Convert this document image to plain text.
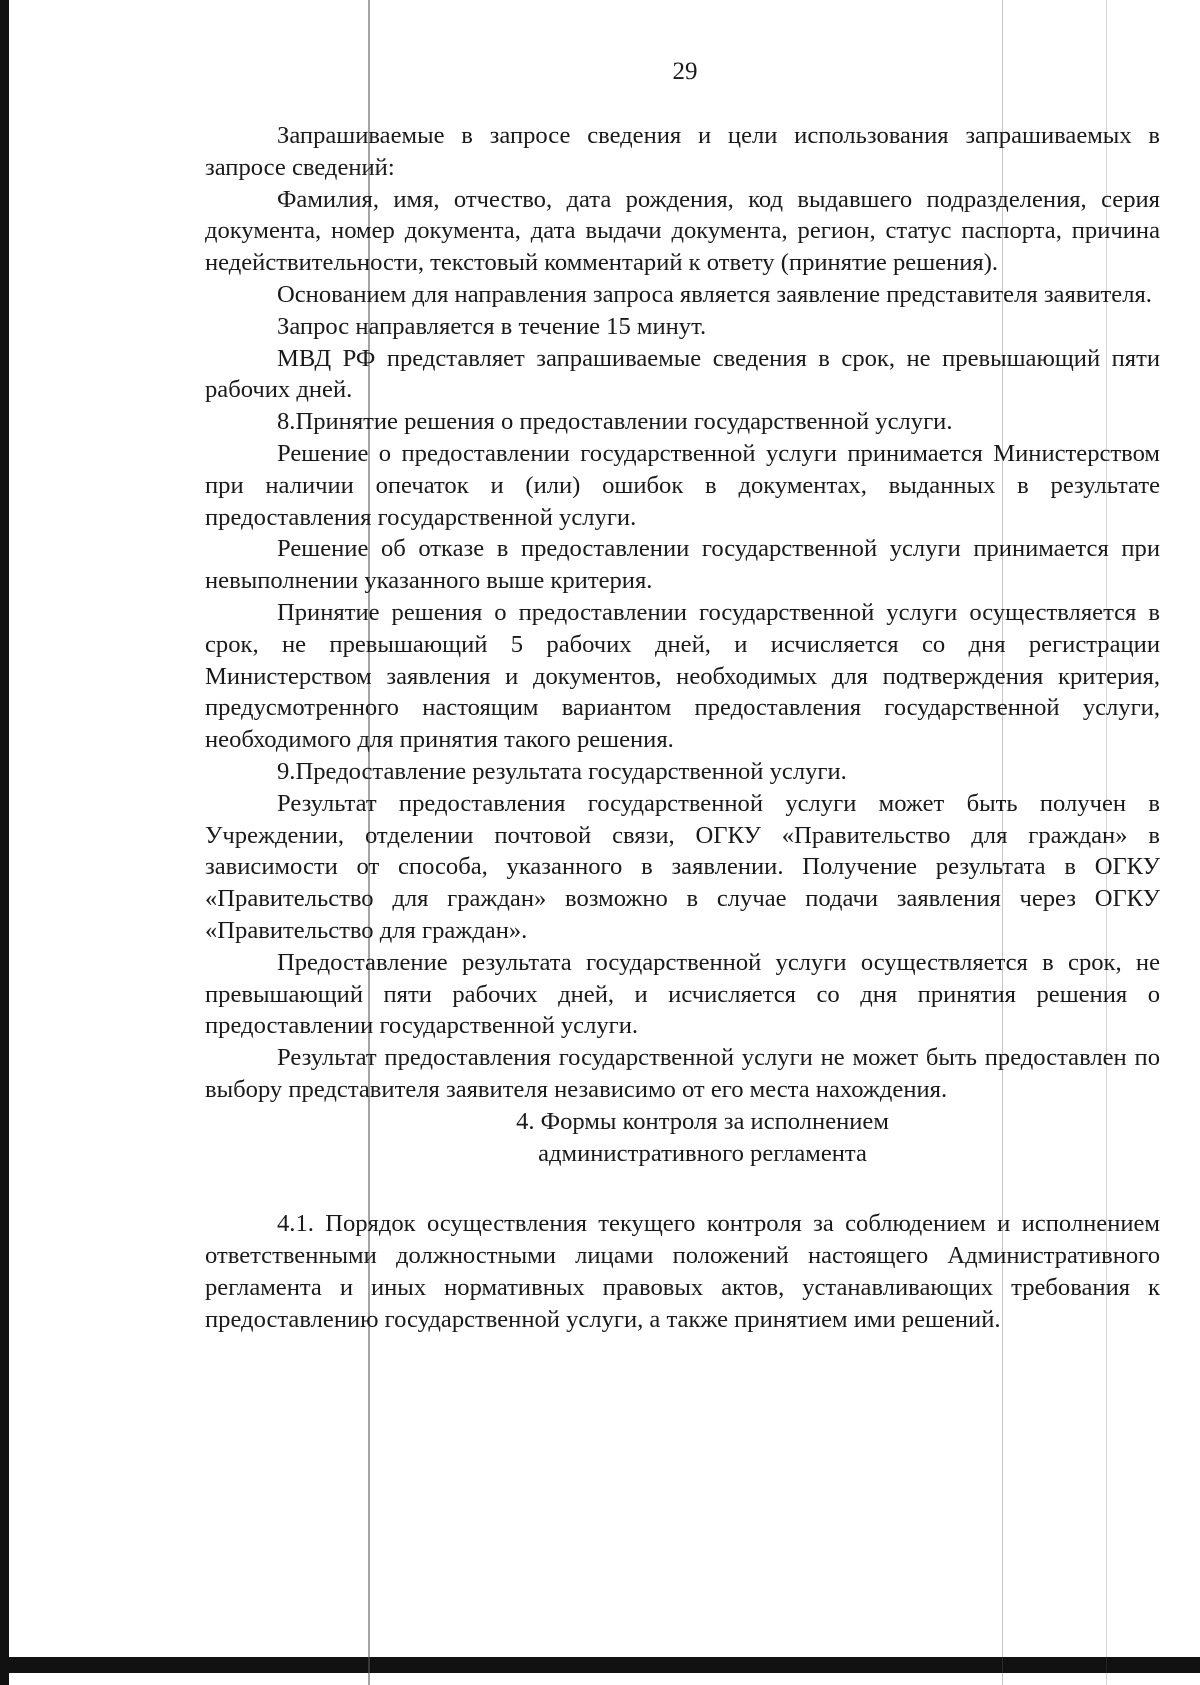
29

Запрашиваемые в запросе сведения и цели использования запрашиваемых в запросе сведений:

Фамилия, имя, отчество, дата рождения, код выдавшего подразделения, серия документа, номер документа, дата выдачи документа, регион, статус паспорта, причина недействительности, текстовый комментарий к ответу (принятие решения).

Основанием для направления запроса является заявление представителя заявителя.

Запрос направляется в течение 15 минут.

МВД РФ представляет запрашиваемые сведения в срок, не превышающий пяти рабочих дней.

8.Принятие решения о предоставлении государственной услуги.

Решение о предоставлении государственной услуги принимается Министерством при наличии опечаток и (или) ошибок в документах, выданных в результате предоставления государственной услуги.

Решение об отказе в предоставлении государственной услуги принимается при невыполнении указанного выше критерия.

Принятие решения о предоставлении государственной услуги осуществляется в срок, не превышающий 5 рабочих дней, и исчисляется со дня регистрации Министерством заявления и документов, необходимых для подтверждения критерия, предусмотренного настоящим вариантом предоставления государственной услуги, необходимого для принятия такого решения.

9.Предоставление результата государственной услуги.

Результат предоставления государственной услуги может быть получен в Учреждении, отделении почтовой связи, ОГКУ «Правительство для граждан» в зависимости от способа, указанного в заявлении. Получение результата в ОГКУ «Правительство для граждан» возможно в случае подачи заявления через ОГКУ «Правительство для граждан».

Предоставление результата государственной услуги осуществляется в срок, не превышающий пяти рабочих дней, и исчисляется со дня принятия решения о предоставлении государственной услуги.

Результат предоставления государственной услуги не может быть предоставлен по выбору представителя заявителя независимо от его места нахождения.

4. Формы контроля за исполнением
административного регламента

4.1. Порядок осуществления текущего контроля за соблюдением и исполнением ответственными должностными лицами положений настоящего Административного регламента и иных нормативных правовых актов, устанавливающих требования к предоставлению государственной услуги, а также принятием ими решений.
